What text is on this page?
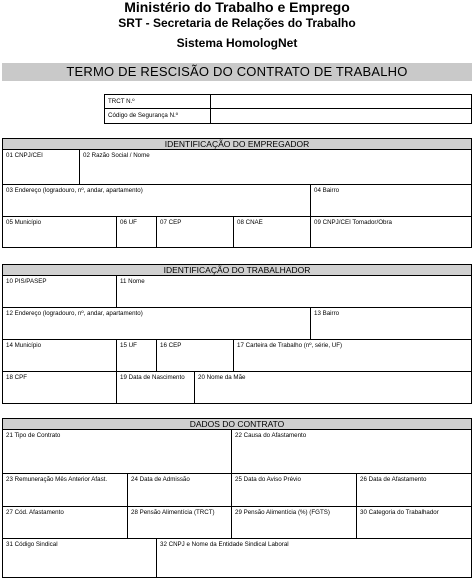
Ministério do Trabalho e Emprego
SRT - Secretaria de Relações do Trabalho
Sistema HomologNet
TERMO DE RESCISÃO DO CONTRATO DE TRABALHO
TRCT N.º
Código de Segurança N.º
IDENTIFICAÇÃO DO EMPREGADOR
01 CNPJ/CEI	02 Razão Social / Nome
03 Endereço (logradouro, nº, andar, apartamento)	04 Bairro
05 Município	06 UF	07 CEP	08 CNAE	09 CNPJ/CEI Tomador/Obra
IDENTIFICAÇÃO DO TRABALHADOR
10 PIS/PASEP	11 Nome
12 Endereço (logradouro, nº, andar, apartamento)	13 Bairro
14 Município	15 UF	16 CEP	17 Carteira de Trabalho (nº, série, UF)
18 CPF	19 Data de Nascimento 20 Nome da Mãe
DADOS DO CONTRATO
21 Tipo de Contrato	22 Causa do Afastamento
23 Remuneração Mês Anterior Afast.	24 Data de Admissão	25 Data do Aviso Prévio	26 Data de Afastamento
27 Cód. Afastamento	28 Pensão Alimentícia (TRCT)	29 Pensão Alimentícia (%) (FGTS)	30 Categoria do Trabalhador
31 Código Sindical	32 CNPJ e Nome da Entidade Sindical Laboral
